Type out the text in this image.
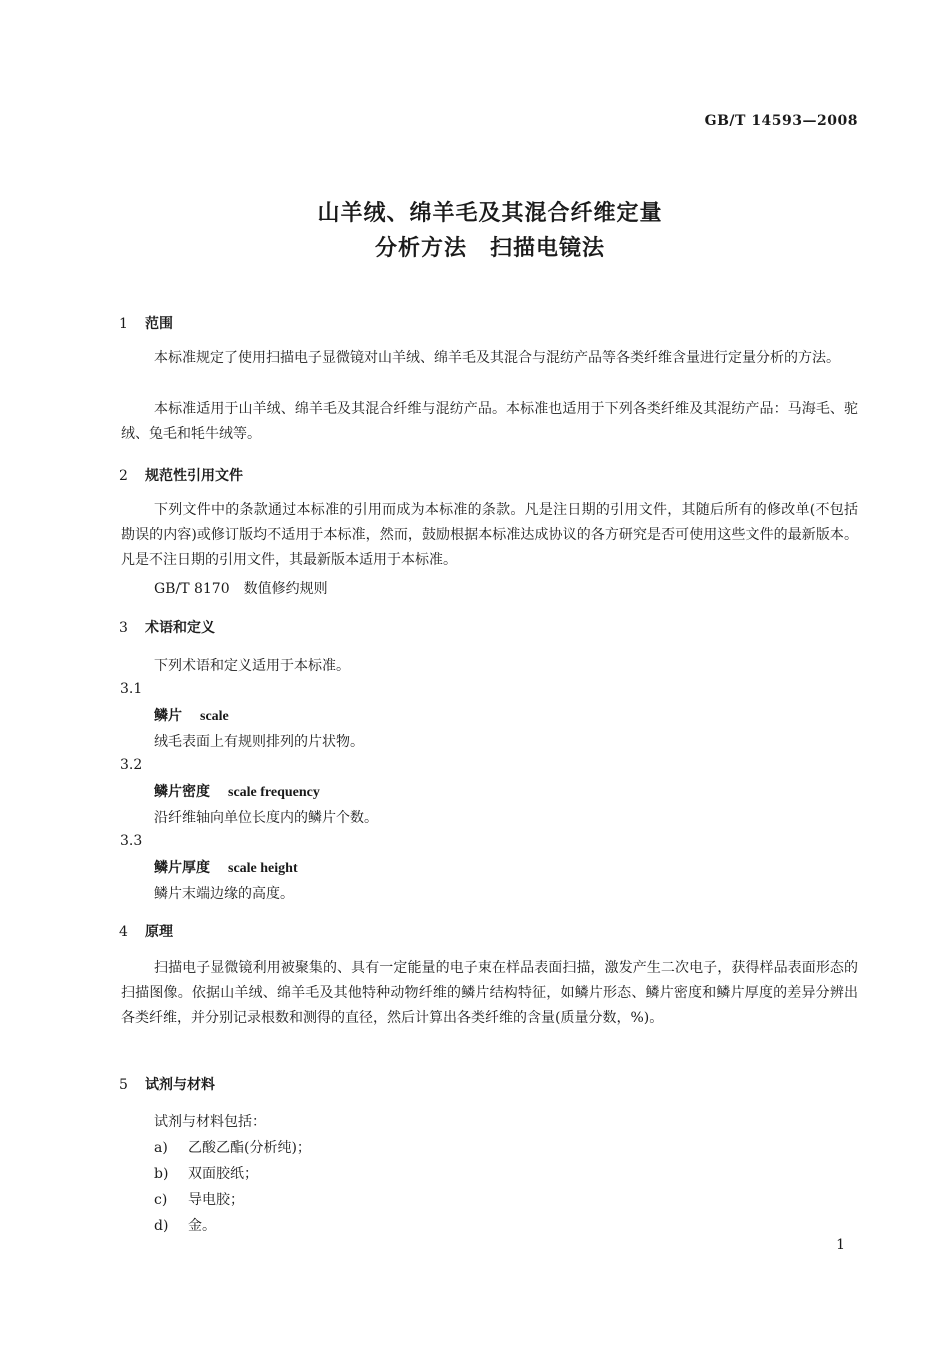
GB/T 14593—2008
山羊绒、绵羊毛及其混合纤维定量
分析方法　扫描电镜法
1 范围
本标准规定了使用扫描电子显微镜对山羊绒、绵羊毛及其混合与混纺产品等各类纤维含量进行定量分析的方法。
本标准适用于山羊绒、绵羊毛及其混合纤维与混纺产品。本标准也适用于下列各类纤维及其混纺产品：马海毛、驼绒、兔毛和牦牛绒等。
2 规范性引用文件
下列文件中的条款通过本标准的引用而成为本标准的条款。凡是注日期的引用文件，其随后所有的修改单(不包括勘误的内容)或修订版均不适用于本标准，然而，鼓励根据本标准达成协议的各方研究是否可使用这些文件的最新版本。凡是不注日期的引用文件，其最新版本适用于本标准。
GB/T 8170　数值修约规则
3 术语和定义
下列术语和定义适用于本标准。
3.1
鳞片 scale
绒毛表面上有规则排列的片状物。
3.2
鳞片密度 scale frequency
沿纤维轴向单位长度内的鳞片个数。
3.3
鳞片厚度 scale height
鳞片末端边缘的高度。
4 原理
扫描电子显微镜利用被聚集的、具有一定能量的电子束在样品表面扫描，激发产生二次电子，获得样品表面形态的扫描图像。依据山羊绒、绵羊毛及其他特种动物纤维的鳞片结构特征，如鳞片形态、鳞片密度和鳞片厚度的差异分辨出各类纤维，并分别记录根数和测得的直径，然后计算出各类纤维的含量(质量分数，%)。
5 试剂与材料
试剂与材料包括：
a) 乙酸乙酯(分析纯)；
b) 双面胶纸；
c) 导电胶；
d) 金。
1
